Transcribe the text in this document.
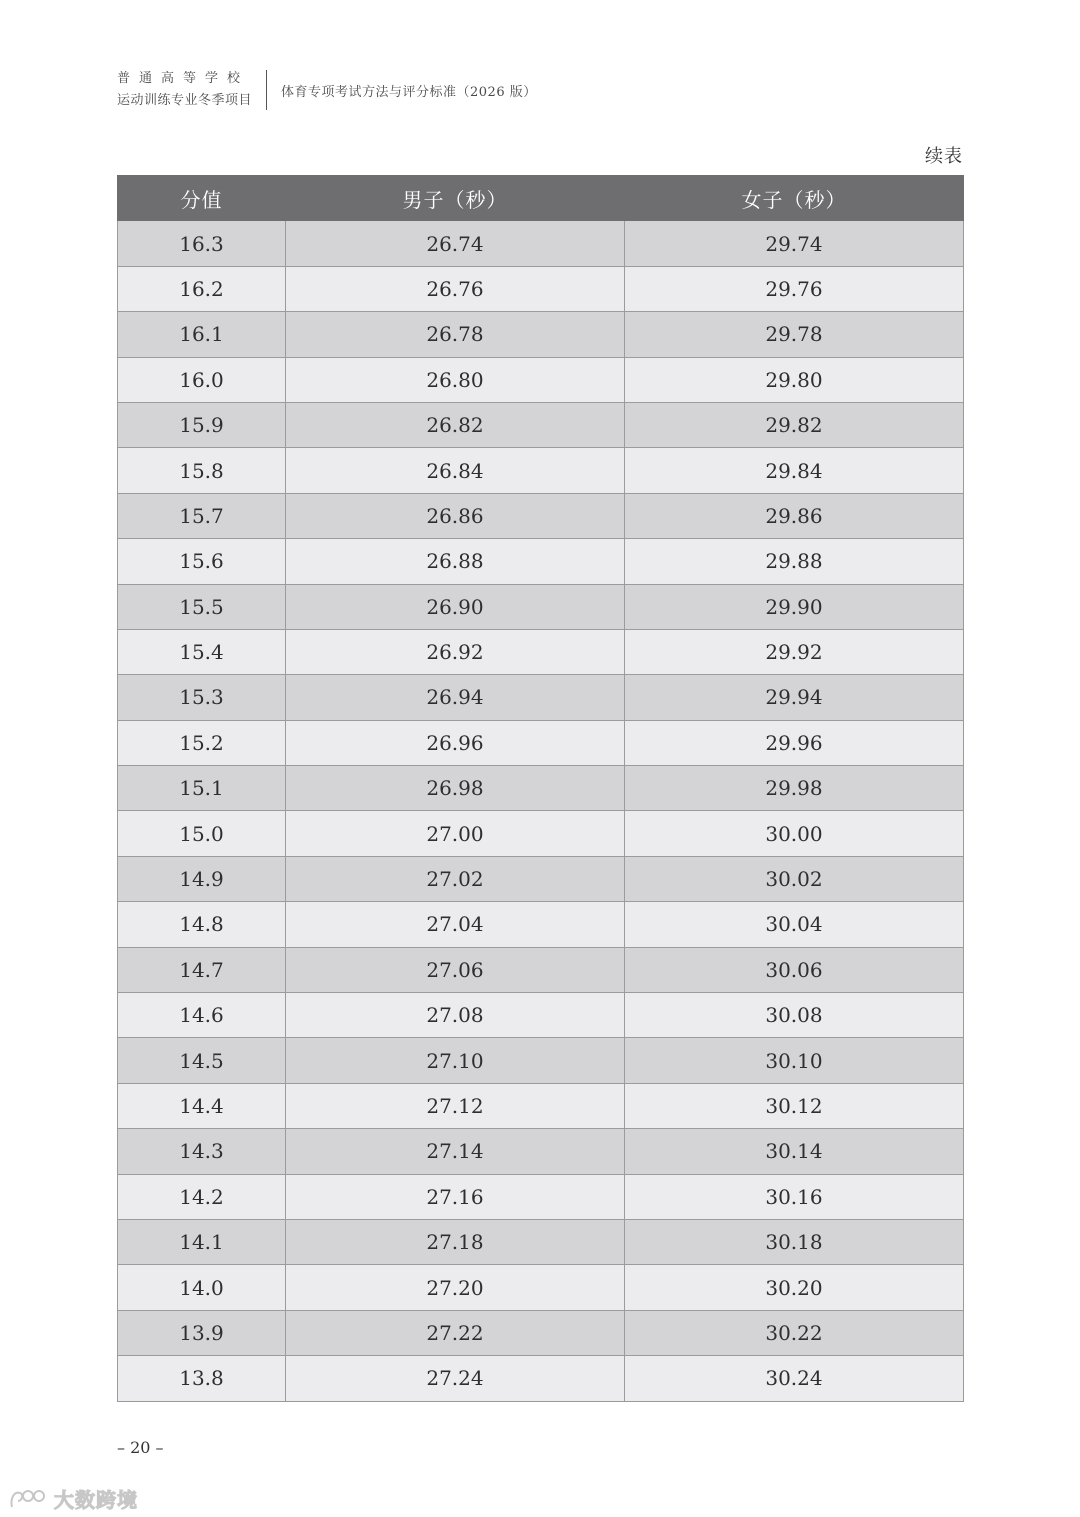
普通高等学校
运动训练专业冬季项目
体育专项考试方法与评分标准（2026 版）
续表
分值	男子（秒）	女子（秒）
16.3	26.74	29.74
16.2	26.76	29.76
16.1	26.78	29.78
16.0	26.80	29.80
15.9	26.82	29.82
15.8	26.84	29.84
15.7	26.86	29.86
15.6	26.88	29.88
15.5	26.90	29.90
15.4	26.92	29.92
15.3	26.94	29.94
15.2	26.96	29.96
15.1	26.98	29.98
15.0	27.00	30.00
14.9	27.02	30.02
14.8	27.04	30.04
14.7	27.06	30.06
14.6	27.08	30.08
14.5	27.10	30.10
14.4	27.12	30.12
14.3	27.14	30.14
14.2	27.16	30.16
14.1	27.18	30.18
14.0	27.20	30.20
13.9	27.22	30.22
13.8	27.24	30.24
– 20 –
大数跨境
